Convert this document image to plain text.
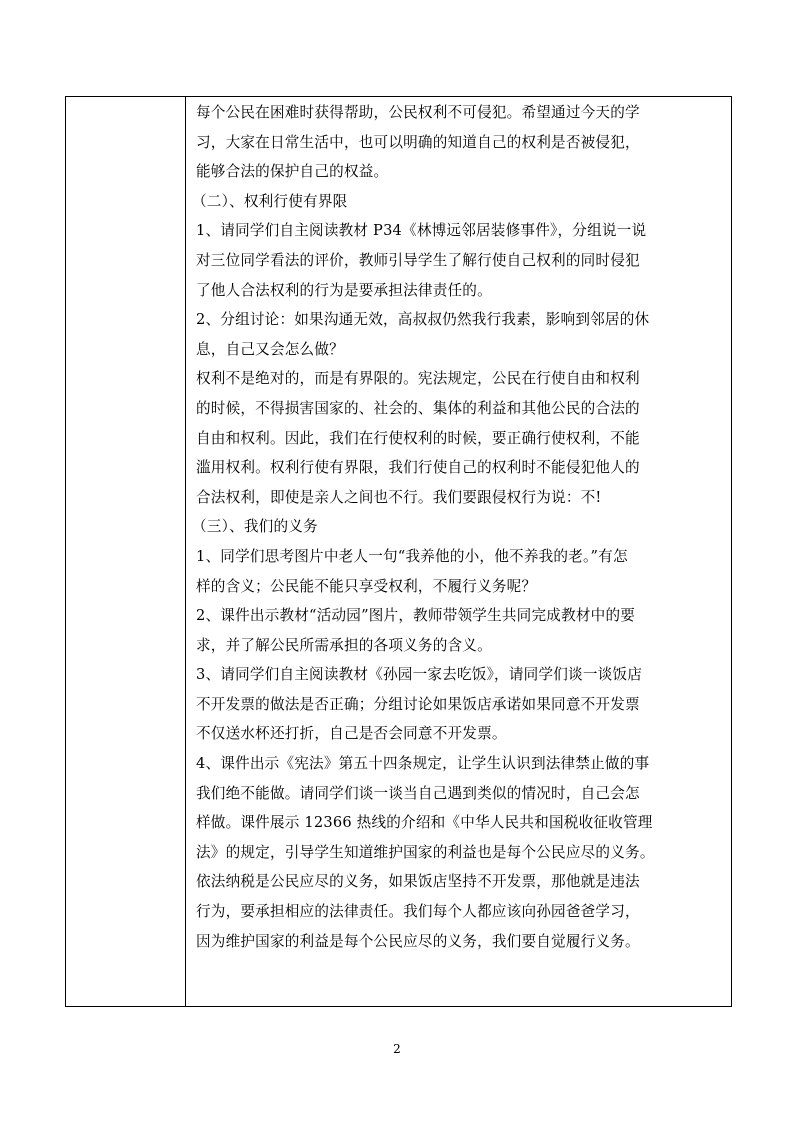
每个公民在困难时获得帮助，公民权利不可侵犯。希望通过今天的学

习，大家在日常生活中，也可以明确的知道自己的权利是否被侵犯，

能够合法的保护自己的权益。

（二）、权利行使有界限

1、请同学们自主阅读教材 P34《林博远邻居装修事件》，分组说一说

对三位同学看法的评价，教师引导学生了解行使自己权利的同时侵犯

了他人合法权利的行为是要承担法律责任的。

2、分组讨论：如果沟通无效，高叔叔仍然我行我素，影响到邻居的休

息，自己又会怎么做？

权利不是绝对的，而是有界限的。宪法规定，公民在行使自由和权利

的时候，不得损害国家的、社会的、集体的利益和其他公民的合法的

自由和权利。因此，我们在行使权利的时候，要正确行使权利，不能

滥用权利。权利行使有界限，我们行使自己的权利时不能侵犯他人的

合法权利，即使是亲人之间也不行。我们要跟侵权行为说：不!

（三）、我们的义务

1、同学们思考图片中老人一句“我养他的小，他不养我的老。”有怎

样的含义；公民能不能只享受权利，不履行义务呢？

2、课件出示教材“活动园”图片，教师带领学生共同完成教材中的要

求，并了解公民所需承担的各项义务的含义。

3、请同学们自主阅读教材《孙园一家去吃饭》，请同学们谈一谈饭店

不开发票的做法是否正确；分组讨论如果饭店承诺如果同意不开发票

不仅送水杯还打折，自己是否会同意不开发票。

4、课件出示《宪法》第五十四条规定，让学生认识到法律禁止做的事

我们绝不能做。请同学们谈一谈当自己遇到类似的情况时，自己会怎

样做。课件展示 12366 热线的介绍和《中华人民共和国税收征收管理

法》的规定，引导学生知道维护国家的利益也是每个公民应尽的义务。

依法纳税是公民应尽的义务，如果饭店坚持不开发票，那他就是违法

行为，要承担相应的法律责任。我们每个人都应该向孙园爸爸学习，

因为维护国家的利益是每个公民应尽的义务，我们要自觉履行义务。

2
